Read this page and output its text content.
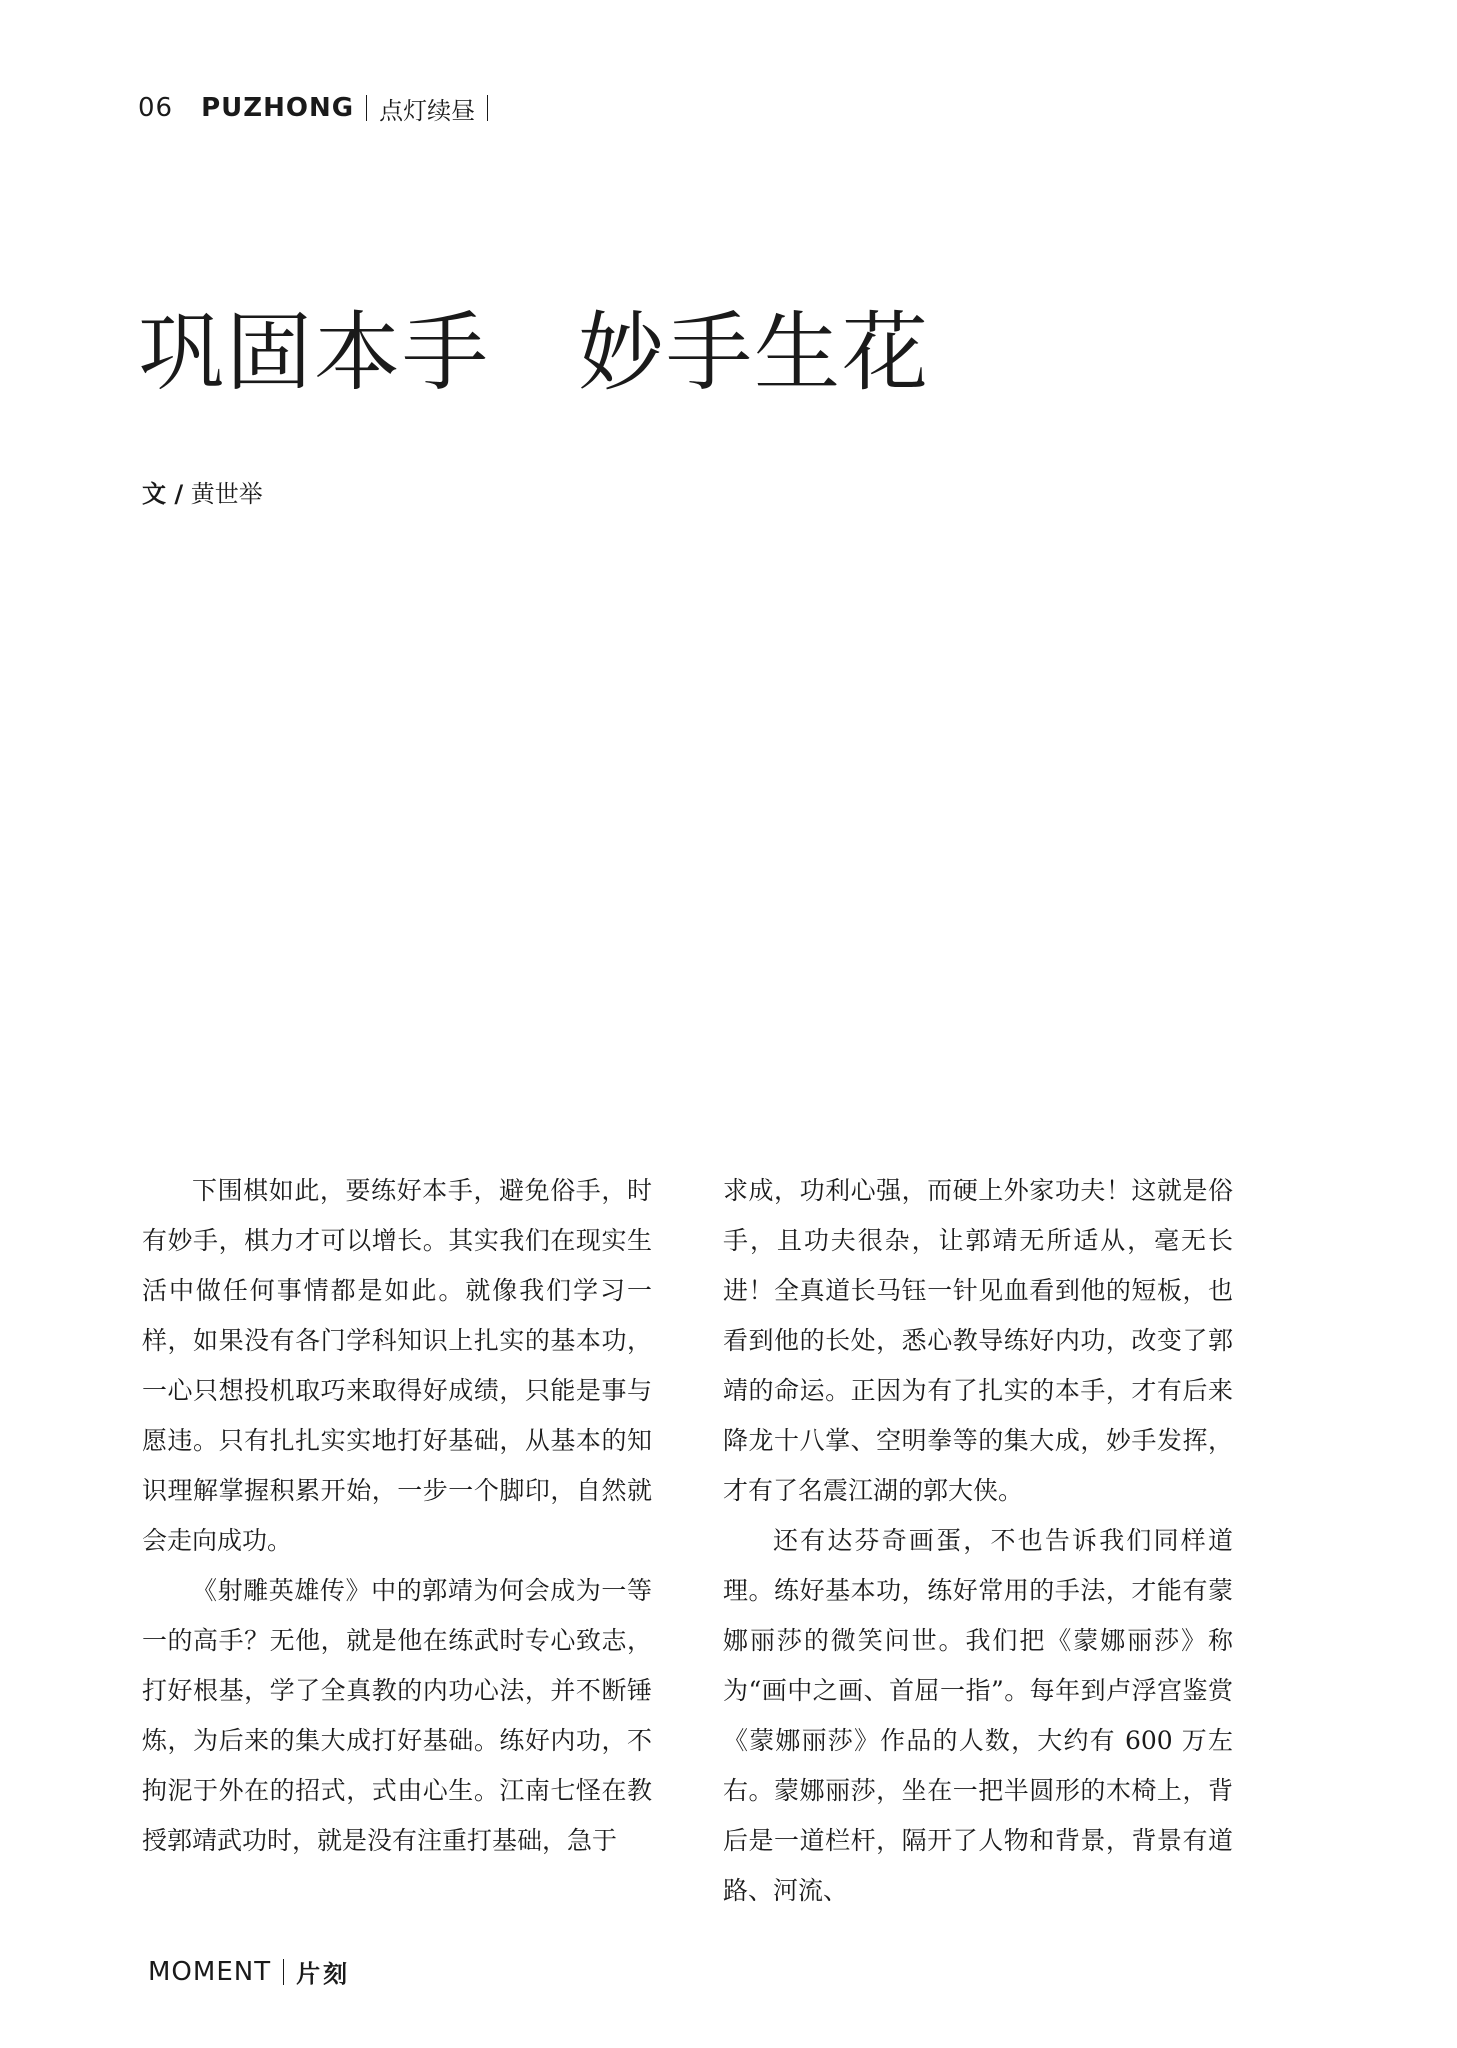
06 PUZHONG 点灯续昼
巩固本手 妙手生花
文 / 黄世举

下围棋如此，要练好本手，避免俗手，时有妙手，棋力才可以增长。其实我们在现实生活中做任何事情都是如此。就像我们学习一样，如果没有各门学科知识上扎实的基本功，一心只想投机取巧来取得好成绩，只能是事与愿违。只有扎扎实实地打好基础，从基本的知识理解掌握积累开始，一步一个脚印，自然就会走向成功。

《射雕英雄传》中的郭靖为何会成为一等一的高手？无他，就是他在练武时专心致志，打好根基，学了全真教的内功心法，并不断锤炼，为后来的集大成打好基础。练好内功，不拘泥于外在的招式，式由心生。江南七怪在教授郭靖武功时，就是没有注重打基础，急于

求成，功利心强，而硬上外家功夫！这就是俗手，且功夫很杂，让郭靖无所适从，毫无长进！全真道长马钰一针见血看到他的短板，也看到他的长处，悉心教导练好内功，改变了郭靖的命运。正因为有了扎实的本手，才有后来降龙十八掌、空明拳等的集大成，妙手发挥，才有了名震江湖的郭大侠。

还有达芬奇画蛋，不也告诉我们同样道理。练好基本功，练好常用的手法，才能有蒙娜丽莎的微笑问世。我们把《蒙娜丽莎》称为“画中之画、首屈一指”。每年到卢浮宫鉴赏《蒙娜丽莎》作品的人数，大约有 600 万左右。蒙娜丽莎，坐在一把半圆形的木椅上，背后是一道栏杆，隔开了人物和背景，背景有道路、河流、

MOMENT 片刻
